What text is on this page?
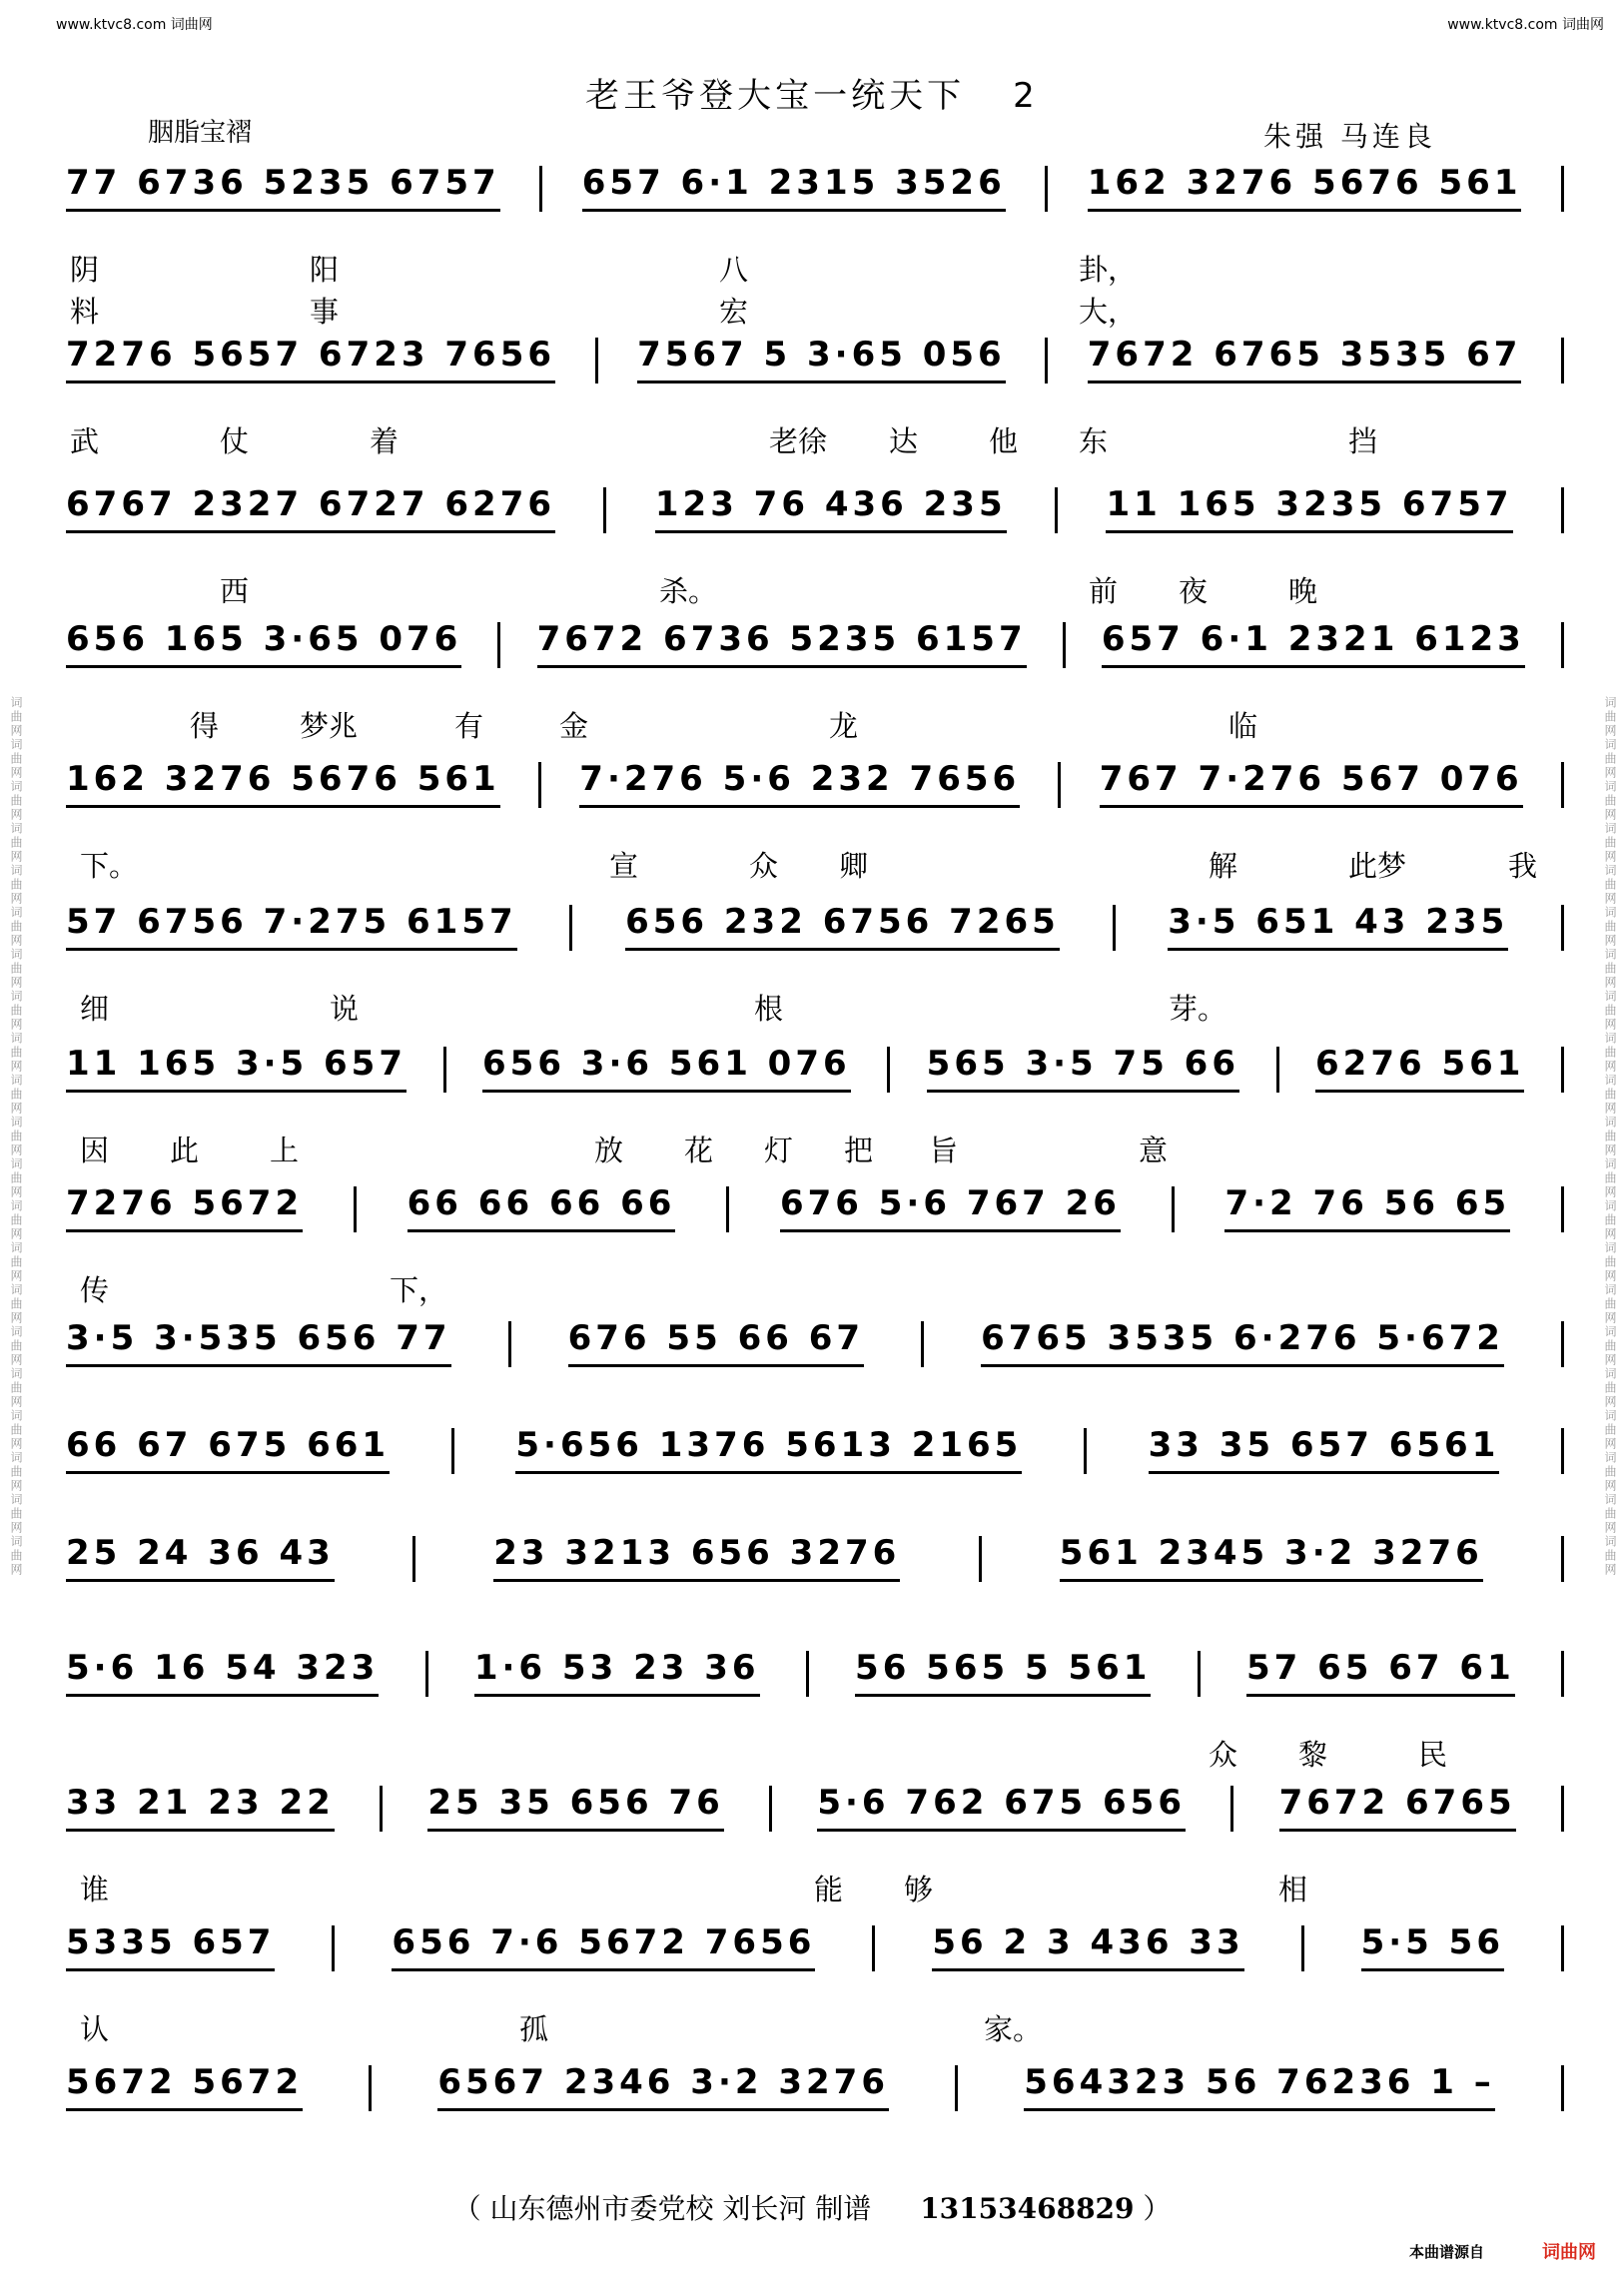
www.ktvc8.com 词曲网	www.ktvc8.com 词曲网
词曲网词曲网词曲网词曲网词曲网词曲网词曲网词曲网词曲网词曲网词曲网词曲网词曲网词曲网词曲网词曲网词曲网词曲网词曲网词曲网词曲网	词曲网词曲网词曲网词曲网词曲网词曲网词曲网词曲网词曲网词曲网词曲网词曲网词曲网词曲网词曲网词曲网词曲网词曲网词曲网词曲网词曲网
老王爷登大宝一统天下 2
胭脂宝褶	朱强 马连良
77 6736 5235 6757 657 6·1 2315 3526 162 3276 5676 561
阴	阳	八	卦，
料	事	宏	大，
7276 5657 6723 7656 7567 5 3·65 056 7672 6765 3535 67
武	仗	着	老徐 达 他 东	挡
6767 2327 6727 6276	123 76 436 235	11 165 3235 6757
西	杀。	前 夜	晚
656 165 3·65 076 7672 6736 5235 6157 657 6·1 2321 6123
得	梦兆	有	金	龙	临
162 3276 5676 561 7·276 5·6 232 7656 767 7·276 567 076
下。	宣	众 卿	解	此梦	我
57 6756 7·275 6157	656 232 6756 7265	3·5 651 43 235
细	说	根	芽。
11 165 3·5 657 656 3·6 561 076 565 3·5 75 66 6276 561
因 此 上	放 花 灯 把 旨	意
7276 5672	66 66 66 66	676 5·6 767 26	7·2 76 56 65
传	下，
3·5 3·535 656 77	676 55 66 67	6765 3535 6·276 5·672
66 67 675 661	5·656 1376 5613 2165	33 35 657 6561
25 24 36 43	23 3213 656 3276	561 2345 3·2 3276
5·6 16 54 323	1·6 53 23 36	56 565 5 561	57 65 67 61
众 黎	民
33 21 23 22	25 35 656 76	5·6 762 675 656	7672 6765
谁	能 够	相
5335 657	656 7·6 5672 7656	56 2 3 436 33	5·5 56
认	孤	家。
5672 5672	6567 2346 3·2 3276	564323 56 76236 1 –
（ 山东德州市委党校 刘长河 制谱 13153468829 ）
本曲谱源自	词曲网
